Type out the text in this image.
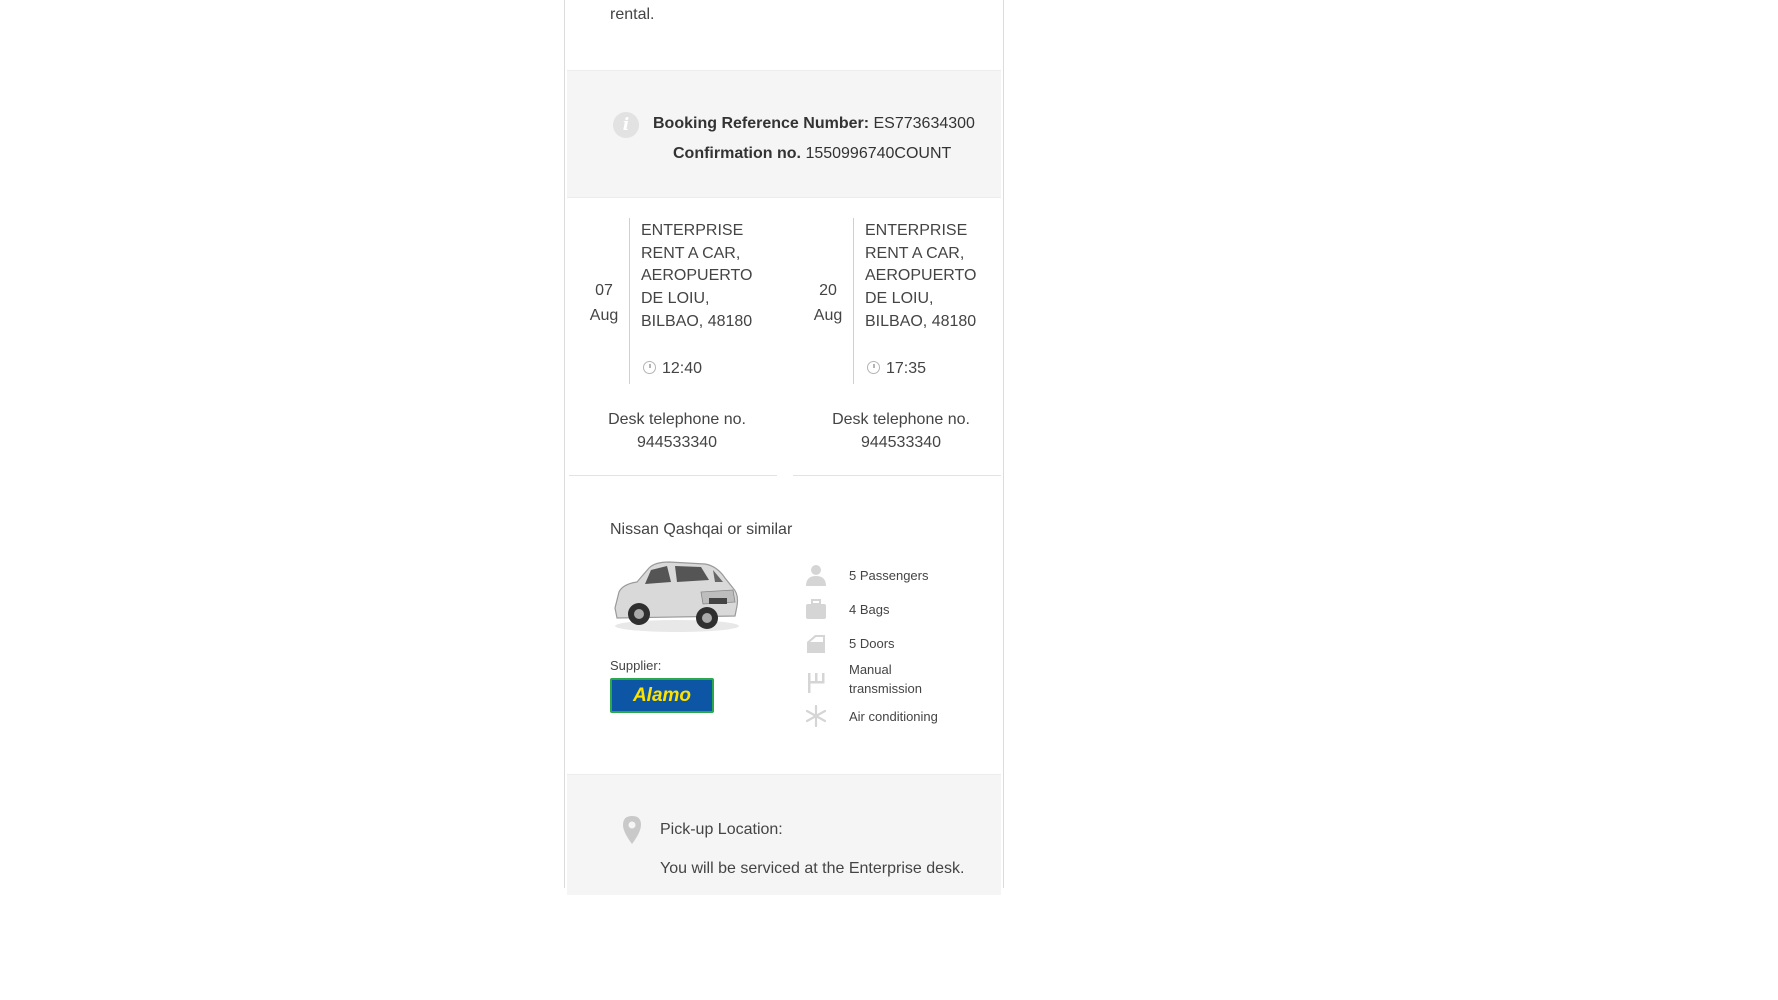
rental.
i	Booking Reference Number: ES773634300
Confirmation no. 1550996740COUNT
07
Aug
ENTERPRISE
RENT A CAR,
AEROPUERTO
DE LOIU,
BILBAO, 48180
12:40
Desk telephone no.
944533340
20
Aug
ENTERPRISE
RENT A CAR,
AEROPUERTO
DE LOIU,
BILBAO, 48180
17:35
Desk telephone no.
944533340
Nissan Qashqai or similar
Supplier:
Alamo
5 Passengers
4 Bags
5 Doors
Manual transmission
Air conditioning
Pick-up Location:
You will be serviced at the Enterprise desk.
